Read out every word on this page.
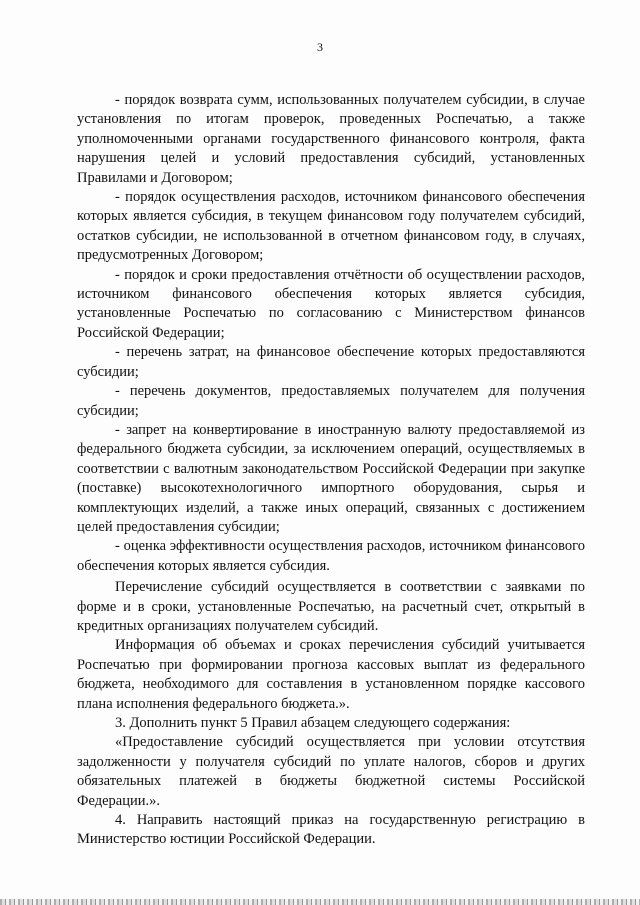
3

- порядок возврата сумм, использованных получателем субсидии, в случае установления по итогам проверок, проведенных Роспечатью, а также уполномоченными органами государственного финансового контроля, факта нарушения целей и условий предоставления субсидий, установленных Правилами и Договором;

- порядок осуществления расходов, источником финансового обеспечения которых является субсидия, в текущем финансовом году получателем субсидий, остатков субсидии, не использованной в отчетном финансовом году, в случаях, предусмотренных Договором;

- порядок и сроки предоставления отчётности об осуществлении расходов, источником финансового обеспечения которых является субсидия, установленные Роспечатью по согласованию с Министерством финансов Российской Федерации;

- перечень затрат, на финансовое обеспечение которых предоставляются субсидии;

- перечень документов, предоставляемых получателем для получения субсидии;

- запрет на конвертирование в иностранную валюту предоставляемой из федерального бюджета субсидии, за исключением операций, осуществляемых в соответствии с валютным законодательством Российской Федерации при закупке (поставке) высокотехнологичного импортного оборудования, сырья и комплектующих изделий, а также иных операций, связанных с достижением целей предоставления субсидии;

- оценка эффективности осуществления расходов, источником финансового обеспечения которых является субсидия.

Перечисление субсидий осуществляется в соответствии с заявками по форме и в сроки, установленные Роспечатью, на расчетный счет, открытый в кредитных организациях получателем субсидий.

Информация об объемах и сроках перечисления субсидий учитывается Роспечатью при формировании прогноза кассовых выплат из федерального бюджета, необходимого для составления в установленном порядке кассового плана исполнения федерального бюджета.».

3. Дополнить пункт 5 Правил абзацем следующего содержания:

«Предоставление субсидий осуществляется при условии отсутствия задолженности у получателя субсидий по уплате налогов, сборов и других обязательных платежей в бюджеты бюджетной системы Российской Федерации.».

4. Направить настоящий приказ на государственную регистрацию в Министерство юстиции Российской Федерации.
